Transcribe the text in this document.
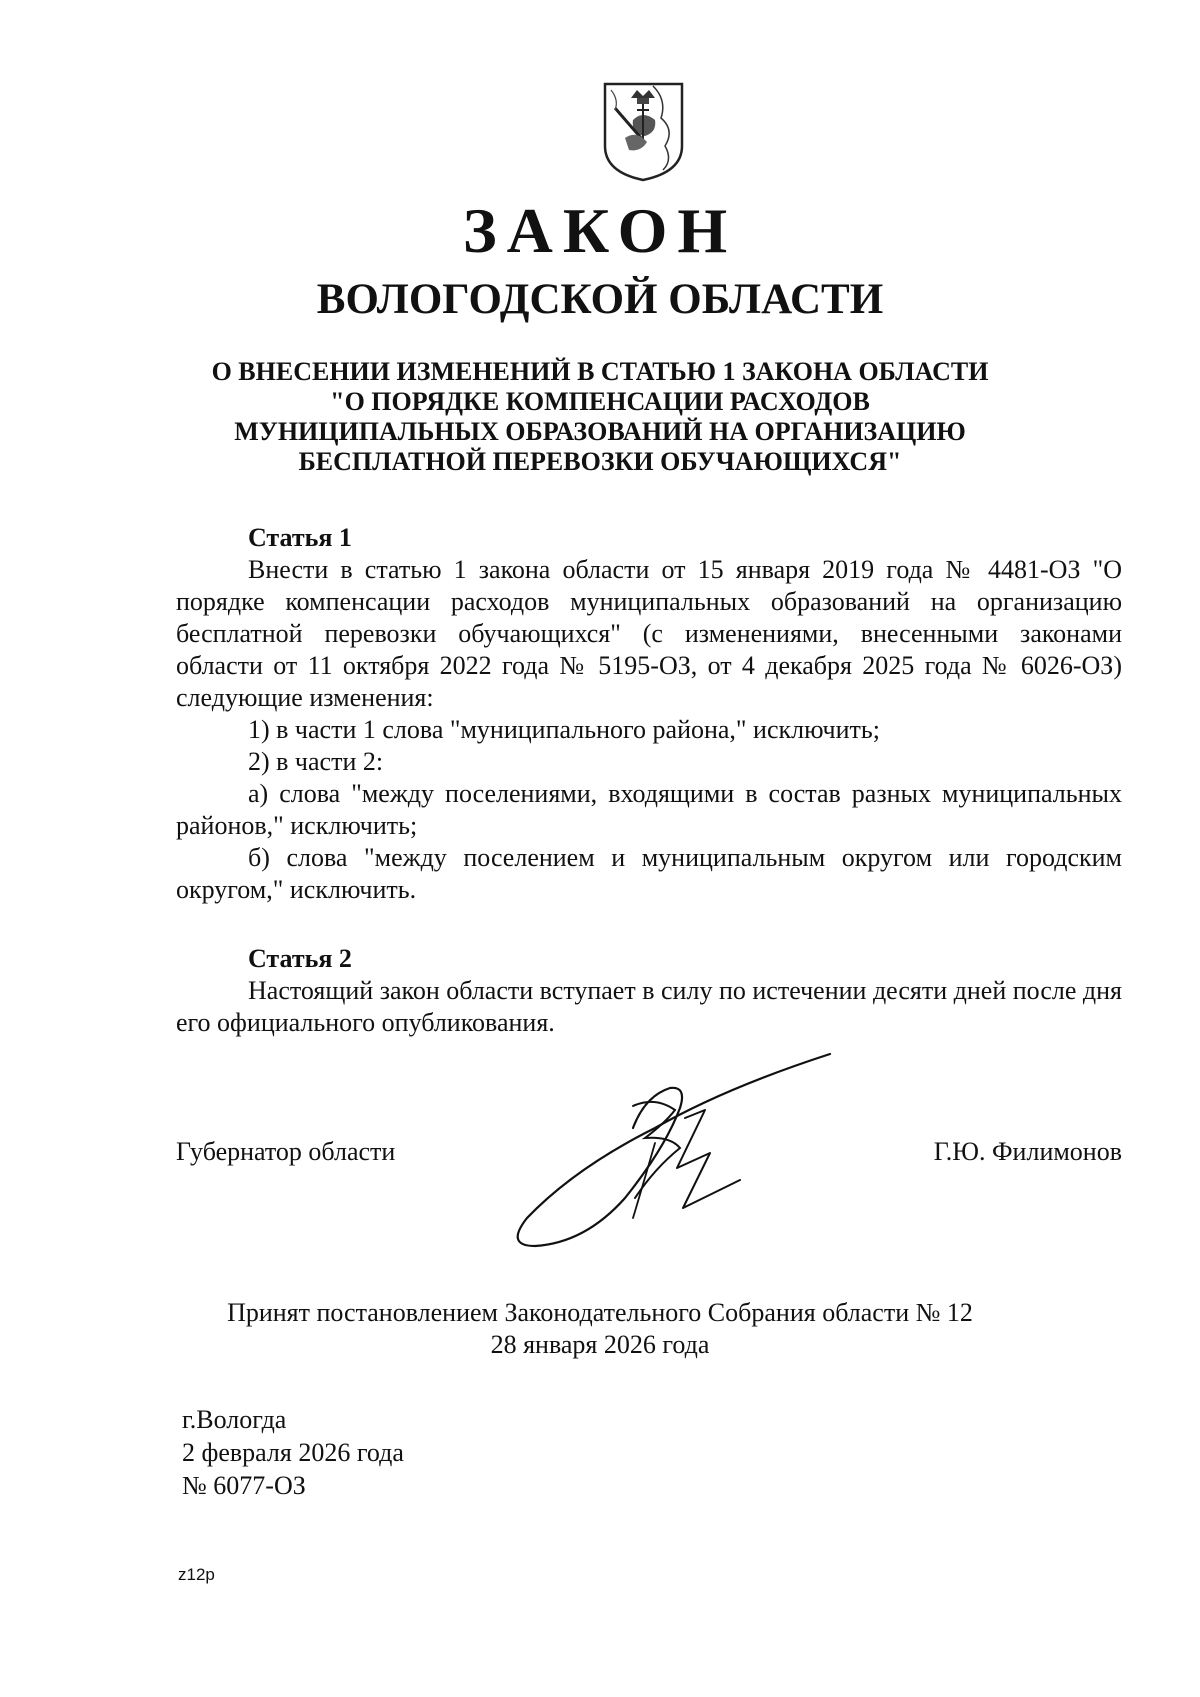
ЗАКОН
ВОЛОГОДСКОЙ ОБЛАСТИ
О ВНЕСЕНИИ ИЗМЕНЕНИЙ В СТАТЬЮ 1 ЗАКОНА ОБЛАСТИ
"О ПОРЯДКЕ КОМПЕНСАЦИИ РАСХОДОВ
МУНИЦИПАЛЬНЫХ ОБРАЗОВАНИЙ НА ОРГАНИЗАЦИЮ
БЕСПЛАТНОЙ ПЕРЕВОЗКИ ОБУЧАЮЩИХСЯ"

Статья 1

Внести в статью 1 закона области от 15 января 2019 года № 4481-ОЗ "О порядке компенсации расходов муниципальных образований на организацию бесплатной перевозки обучающихся" (с изменениями, внесенными законами области от 11 октября 2022 года № 5195-ОЗ, от 4 декабря 2025 года № 6026-ОЗ) следующие изменения:

1) в части 1 слова "муниципального района," исключить;

2) в части 2:

а) слова "между поселениями, входящими в состав разных муниципальных районов," исключить;

б) слова "между поселением и муниципальным округом или городским округом," исключить.

Статья 2

Настоящий закон области вступает в силу по истечении десяти дней после дня его официального опубликования.

Губернатор области	Г.Ю. Филимонов
Принят постановлением Законодательного Собрания области № 12
28 января 2026 года
г.Вологда
2 февраля 2026 года
№ 6077-ОЗ
z12p
